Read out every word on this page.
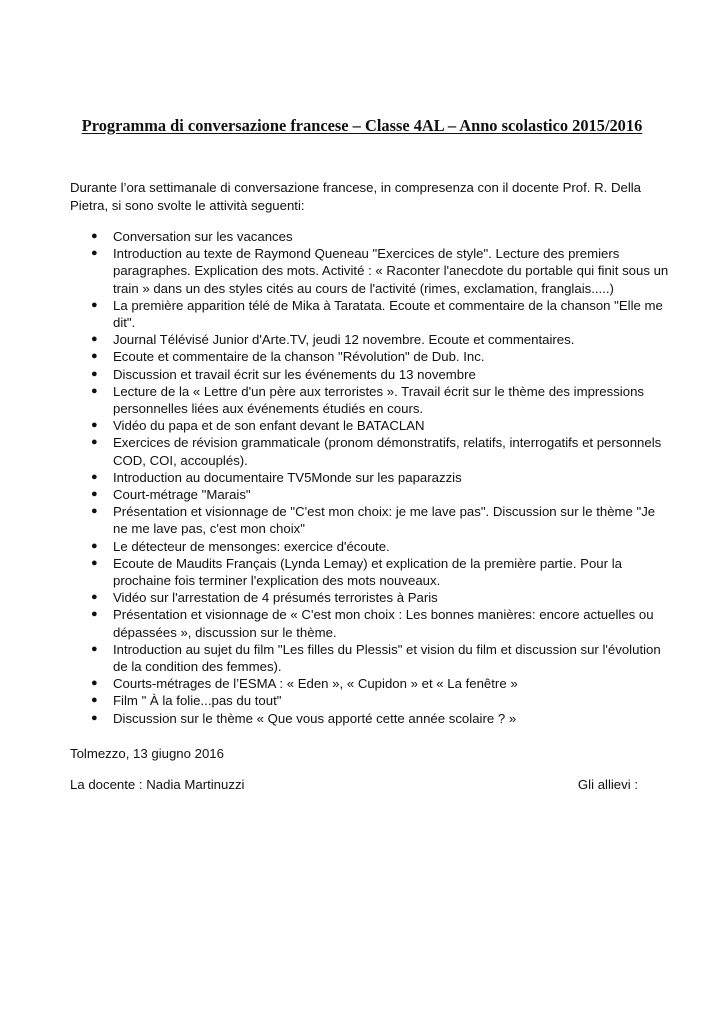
Programma di conversazione francese – Classe 4AL – Anno scolastico 2015/2016

Durante l’ora settimanale di conversazione francese, in compresenza con il docente Prof. R. Della Pietra, si sono svolte le attività seguenti:

● Conversation sur les vacances
● Introduction au texte de Raymond Queneau "Exercices de style". Lecture des premiers paragraphes. Explication des mots. Activité : « Raconter l'anecdote du portable qui finit sous un train » dans un des styles cités au cours de l'activité (rimes, exclamation, franglais.....)
● La première apparition télé de Mika à Taratata. Ecoute et commentaire de la chanson "Elle me dit".
● Journal Télévisé Junior d'Arte.TV, jeudi 12 novembre. Ecoute et commentaires.
● Ecoute et commentaire de la chanson "Révolution" de Dub. Inc.
● Discussion et travail écrit sur les événements du 13 novembre
● Lecture de la « Lettre d'un père aux terroristes ». Travail écrit sur le thème des impressions personnelles liées aux événements étudiés en cours.
● Vidéo du papa et de son enfant devant le BATACLAN
● Exercices de révision grammaticale (pronom démonstratifs, relatifs, interrogatifs et personnels COD, COI, accouplés).
● Introduction au documentaire TV5Monde sur les paparazzis
● Court-métrage "Marais"
● Présentation et visionnage de "C'est mon choix: je me lave pas". Discussion sur le thème "Je ne me lave pas, c'est mon choix"
● Le détecteur de mensonges: exercice d'écoute.
● Ecoute de Maudits Français (Lynda Lemay) et explication de la première partie. Pour la prochaine fois terminer l'explication des mots nouveaux.
● Vidéo sur l'arrestation de 4 présumés terroristes à Paris
● Présentation et visionnage de « C'est mon choix : Les bonnes manières: encore actuelles ou dépassées », discussion sur le thème.
● Introduction au sujet du film "Les filles du Plessis" et vision du film et discussion sur l'évolution de la condition des femmes).
● Courts-métrages de l’ESMA : « Eden », « Cupidon » et « La fenêtre »
● Film " À la folie...pas du tout"
● Discussion sur le thème « Que vous apporté cette année scolaire ? »

Tolmezzo, 13 giugno 2016

La docente : Nadia Martinuzzi	Gli allievi :
